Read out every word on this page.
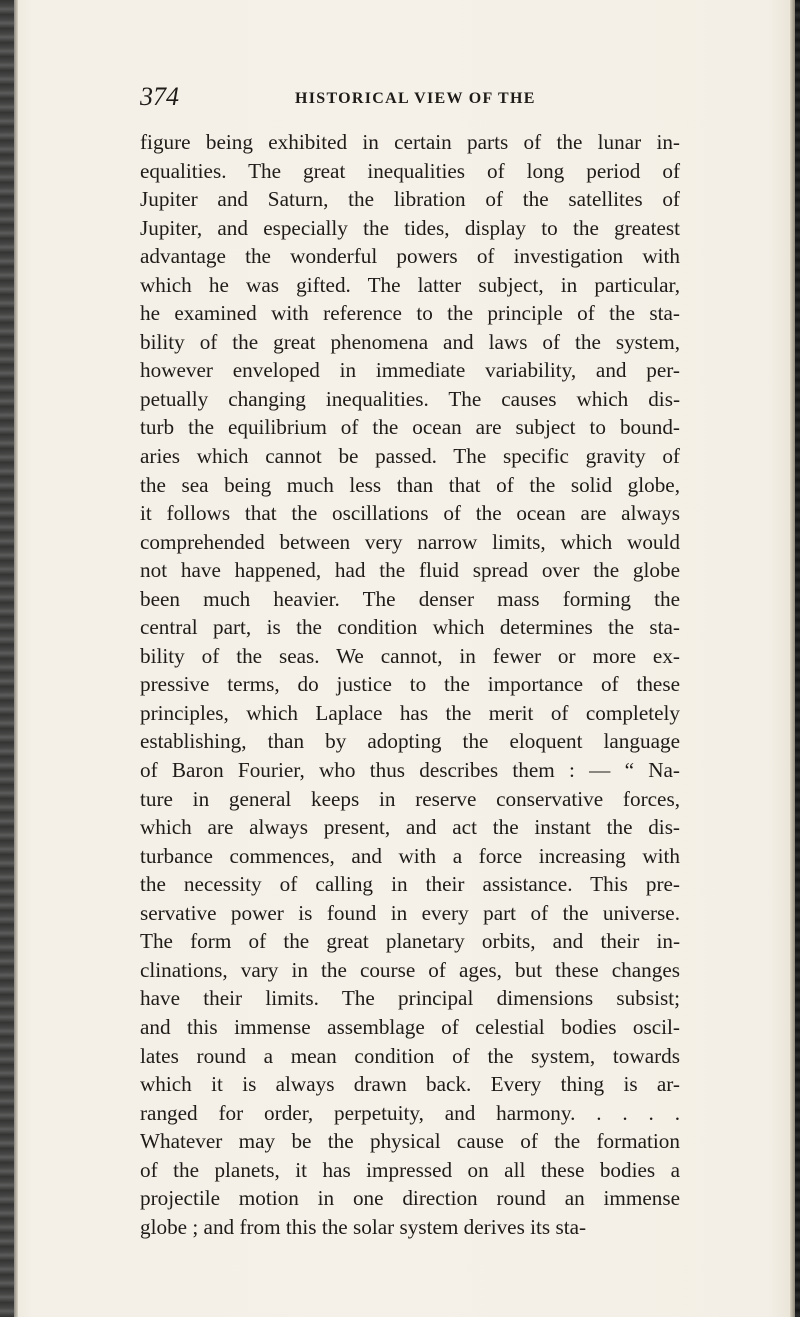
374	HISTORICAL VIEW OF THE
figure being exhibited in certain parts of the lunar in-
equalities. The great inequalities of long period of
Jupiter and Saturn, the libration of the satellites of
Jupiter, and especially the tides, display to the greatest
advantage the wonderful powers of investigation with
which he was gifted. The latter subject, in particular,
he examined with reference to the principle of the sta-
bility of the great phenomena and laws of the system,
however enveloped in immediate variability, and per-
petually changing inequalities. The causes which dis-
turb the equilibrium of the ocean are subject to bound-
aries which cannot be passed. The specific gravity of
the sea being much less than that of the solid globe,
it follows that the oscillations of the ocean are always
comprehended between very narrow limits, which would
not have happened, had the fluid spread over the globe
been much heavier. The denser mass forming the
central part, is the condition which determines the sta-
bility of the seas. We cannot, in fewer or more ex-
pressive terms, do justice to the importance of these
principles, which Laplace has the merit of completely
establishing, than by adopting the eloquent language
of Baron Fourier, who thus describes them : — “ Na-
ture in general keeps in reserve conservative forces,
which are always present, and act the instant the dis-
turbance commences, and with a force increasing with
the necessity of calling in their assistance. This pre-
servative power is found in every part of the universe.
The form of the great planetary orbits, and their in-
clinations, vary in the course of ages, but these changes
have their limits. The principal dimensions subsist;
and this immense assemblage of celestial bodies oscil-
lates round a mean condition of the system, towards
which it is always drawn back. Every thing is ar-
ranged for order, perpetuity, and harmony. . . . .
Whatever may be the physical cause of the formation
of the planets, it has impressed on all these bodies a
projectile motion in one direction round an immense
globe ; and from this the solar system derives its sta-
